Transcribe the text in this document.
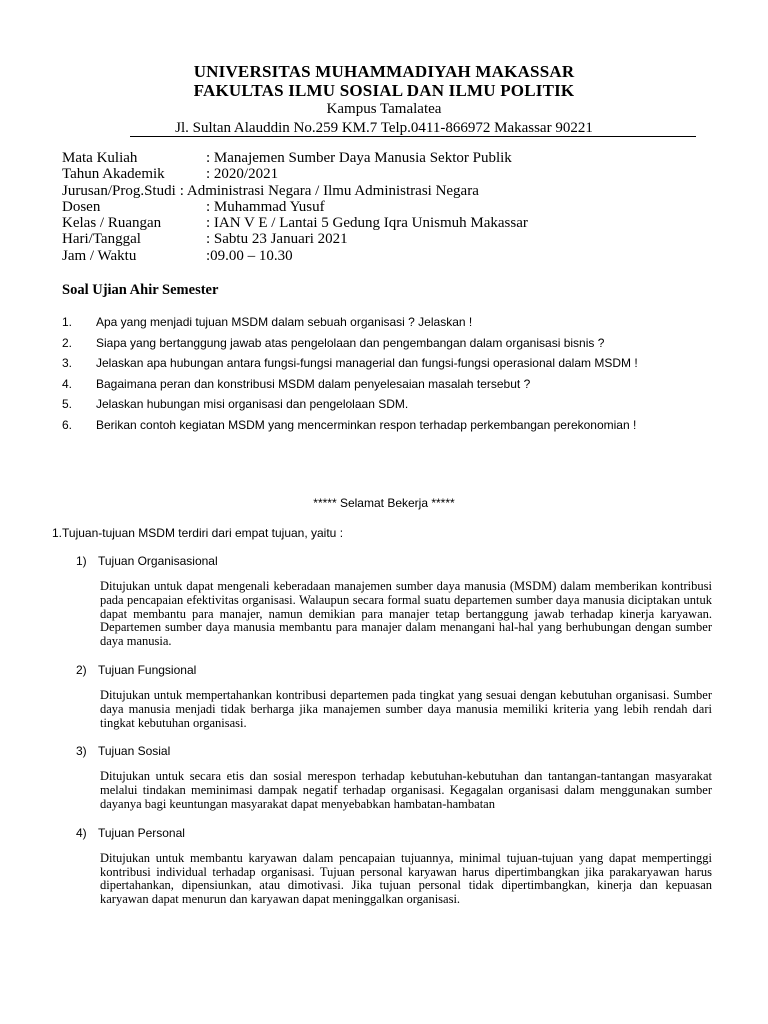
UNIVERSITAS MUHAMMADIYAH MAKASSAR
FAKULTAS ILMU SOSIAL DAN ILMU POLITIK
Kampus Tamalatea
Jl. Sultan Alauddin No.259 KM.7 Telp.0411-866972 Makassar 90221
Mata Kuliah	: Manajemen Sumber Daya Manusia Sektor Publik
Tahun Akademik	: 2020/2021
Jurusan/Prog.Studi : Administrasi Negara / Ilmu Administrasi Negara
Dosen	: Muhammad Yusuf
Kelas / Ruangan	: IAN V E / Lantai 5 Gedung Iqra Unismuh Makassar
Hari/Tanggal	: Sabtu 23 Januari 2021
Jam / Waktu	:09.00 – 10.30
Soal Ujian Ahir Semester
1.	Apa yang menjadi tujuan MSDM dalam sebuah organisasi ? Jelaskan !
2.	Siapa yang bertanggung jawab atas pengelolaan dan pengembangan dalam organisasi bisnis ?
3.	Jelaskan apa hubungan antara fungsi-fungsi managerial dan fungsi-fungsi operasional dalam MSDM !
4.	Bagaimana peran dan konstribusi MSDM dalam penyelesaian masalah tersebut ?
5.	Jelaskan hubungan misi organisasi dan pengelolaan SDM.
6.	Berikan contoh kegiatan MSDM yang mencerminkan respon terhadap perkembangan perekonomian !
***** Selamat Bekerja *****
1.Tujuan-tujuan MSDM terdiri dari empat tujuan, yaitu :
1) Tujuan Organisasional
Ditujukan untuk dapat mengenali keberadaan manajemen sumber daya manusia (MSDM) dalam memberikan kontribusi pada pencapaian efektivitas organisasi. Walaupun secara formal suatu departemen sumber daya manusia diciptakan untuk dapat membantu para manajer, namun demikian para manajer tetap bertanggung jawab terhadap kinerja karyawan. Departemen sumber daya manusia membantu para manajer dalam menangani hal-hal yang berhubungan dengan sumber daya manusia.
2) Tujuan Fungsional
Ditujukan untuk mempertahankan kontribusi departemen pada tingkat yang sesuai dengan kebutuhan organisasi. Sumber daya manusia menjadi tidak berharga jika manajemen sumber daya manusia memiliki kriteria yang lebih rendah dari tingkat kebutuhan organisasi.
3) Tujuan Sosial
Ditujukan untuk secara etis dan sosial merespon terhadap kebutuhan-kebutuhan dan tantangan-tantangan masyarakat melalui tindakan meminimasi dampak negatif terhadap organisasi. Kegagalan organisasi dalam menggunakan sumber dayanya bagi keuntungan masyarakat dapat menyebabkan hambatan-hambatan
4) Tujuan Personal
Ditujukan untuk membantu karyawan dalam pencapaian tujuannya, minimal tujuan-tujuan yang dapat mempertinggi kontribusi individual terhadap organisasi. Tujuan personal karyawan harus dipertimbangkan jika parakaryawan harus dipertahankan, dipensiunkan, atau dimotivasi. Jika tujuan personal tidak dipertimbangkan, kinerja dan kepuasan karyawan dapat menurun dan karyawan dapat meninggalkan organisasi.
